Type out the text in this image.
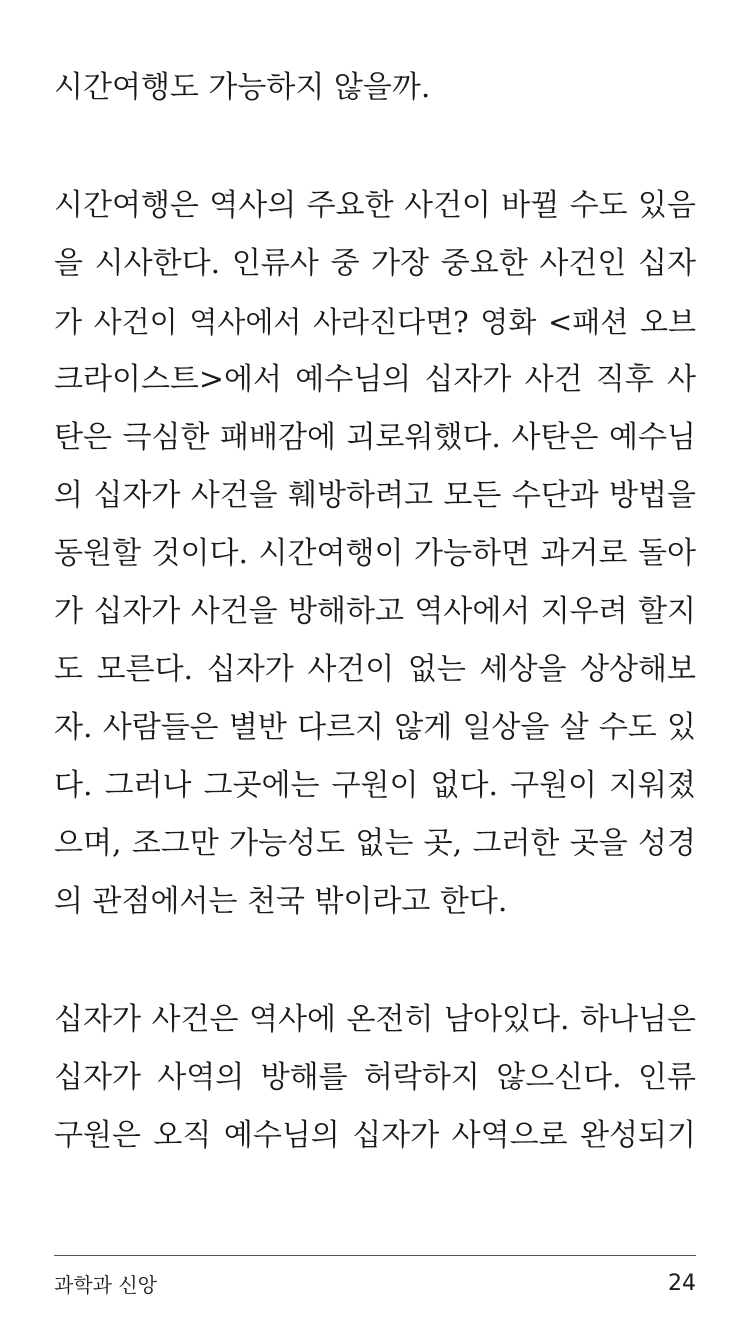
시간여행도 가능하지 않을까.
시간여행은 역사의 주요한 사건이 바뀔 수도 있음
을 시사한다. 인류사 중 가장 중요한 사건인 십자
가 사건이 역사에서 사라진다면? 영화 <패션 오브
크라이스트>에서 예수님의 십자가 사건 직후 사
탄은 극심한 패배감에 괴로워했다. 사탄은 예수님
의 십자가 사건을 훼방하려고 모든 수단과 방법을
동원할 것이다. 시간여행이 가능하면 과거로 돌아
가 십자가 사건을 방해하고 역사에서 지우려 할지
도 모른다. 십자가 사건이 없는 세상을 상상해보
자. 사람들은 별반 다르지 않게 일상을 살 수도 있
다. 그러나 그곳에는 구원이 없다. 구원이 지워졌
으며, 조그만 가능성도 없는 곳, 그러한 곳을 성경
의 관점에서는 천국 밖이라고 한다.
십자가 사건은 역사에 온전히 남아있다. 하나님은
십자가 사역의 방해를 허락하지 않으신다. 인류
구원은 오직 예수님의 십자가 사역으로 완성되기
과학과 신앙	24
